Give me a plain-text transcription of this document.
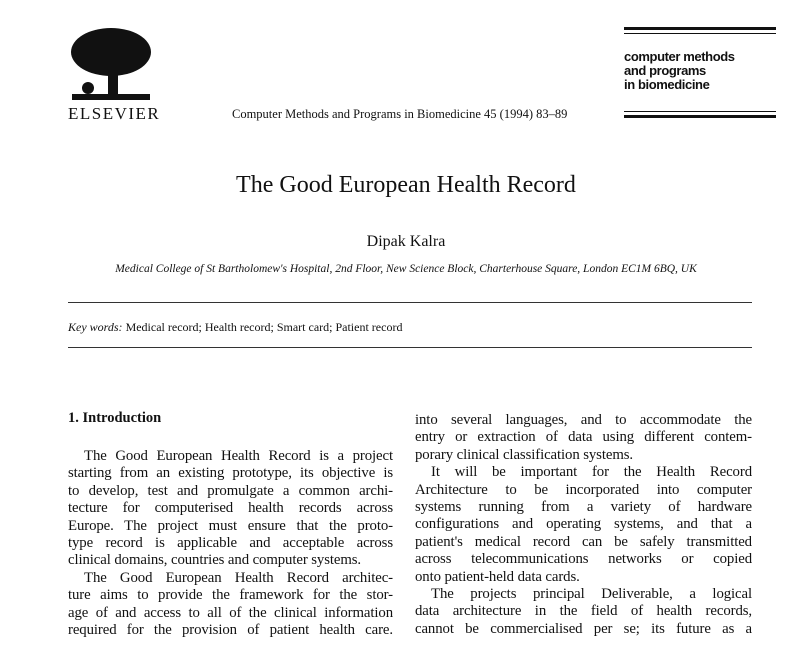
ELSEVIER	Computer Methods and Programs in Biomedicine 45 (1994) 83–89
computer methods
and programs
in biomedicine
The Good European Health Record
Dipak Kalra
Medical College of St Bartholomew's Hospital, 2nd Floor, New Science Block, Charterhouse Square, London EC1M 6BQ, UK
Key words: Medical record; Health record; Smart card; Patient record
1. Introduction
The Good European Health Record is a project
starting from an existing prototype, its objective is
to develop, test and promulgate a common archi-
tecture for computerised health records across
Europe. The project must ensure that the proto-
type record is applicable and acceptable across
clinical domains, countries and computer systems.
The Good European Health Record architec-
ture aims to provide the framework for the stor-
age of and access to all of the clinical information
required for the provision of patient health care.
into several languages, and to accommodate the
entry or extraction of data using different contem-
porary clinical classification systems.
It will be important for the Health Record
Architecture to be incorporated into computer
systems running from a variety of hardware
configurations and operating systems, and that a
patient's medical record can be safely transmitted
across telecommunications networks or copied
onto patient-held data cards.
The projects principal Deliverable, a logical
data architecture in the field of health records,
cannot be commercialised per se; its future as a
